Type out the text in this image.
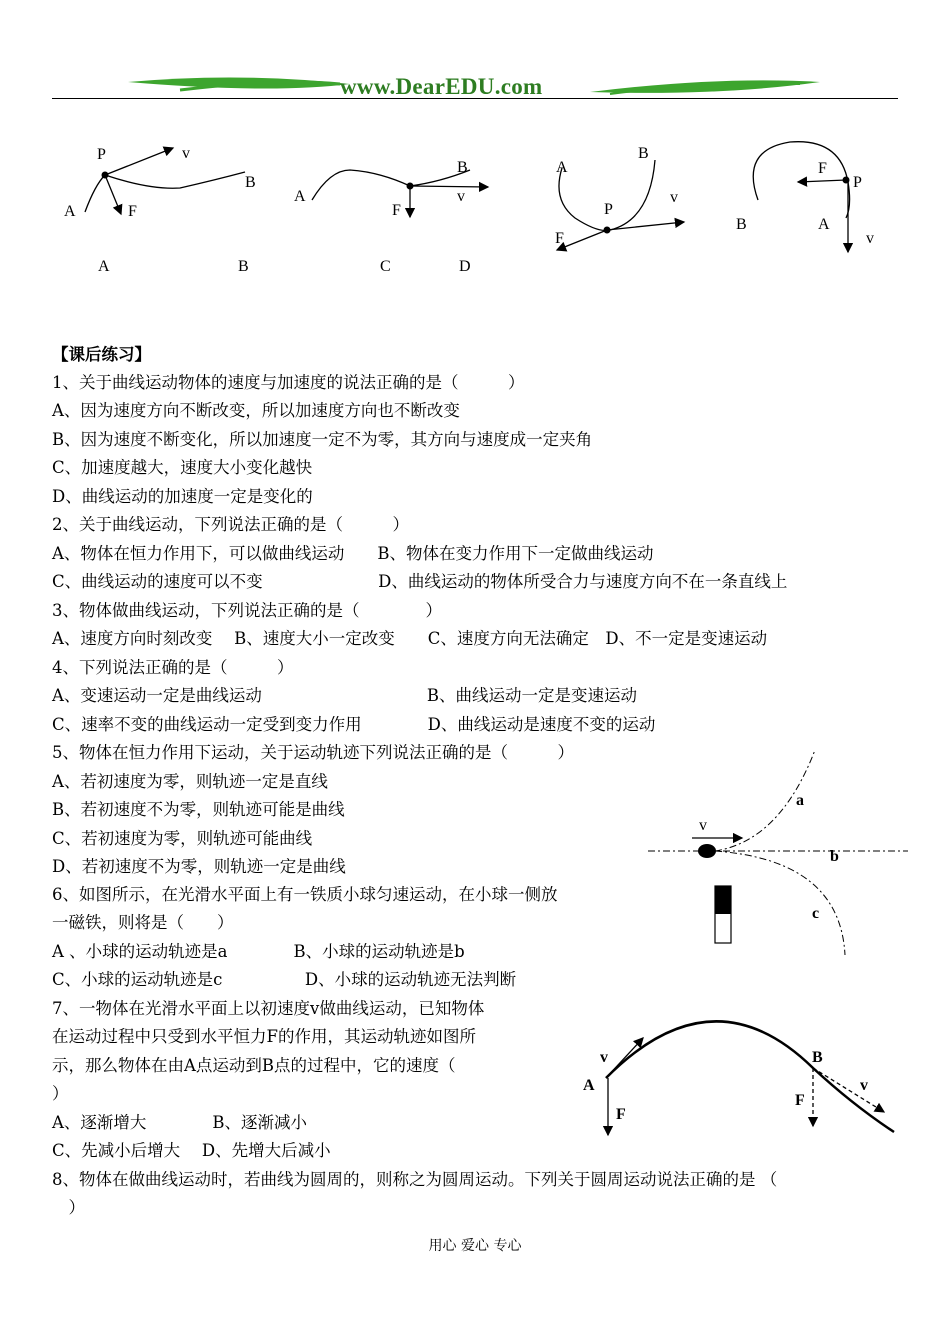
www.DearEDU.com
P	v
A
B
F
A
B
F
v
A
B
P
v
F
F
P
B	A
v
A	B	C	D
【课后练习】
1、关于曲线运动物体的速度与加速度的说法正确的是（　　　）
A、因为速度方向不断改变，所以加速度方向也不断改变
B、因为速度不断变化，所以加速度一定不为零，其方向与速度成一定夹角
C、加速度越大，速度大小变化越快
D、曲线运动的加速度一定是变化的
2、关于曲线运动，下列说法正确的是（　　　）
A、物体在恒力作用下，可以做曲线运动　　B、物体在变力作用下一定做曲线运动
C、曲线运动的速度可以不变　　　　　　　D、曲线运动的物体所受合力与速度方向不在一条直线上
3、物体做曲线运动，下列说法正确的是（　　　　）
A、速度方向时刻改变　 B、速度大小一定改变　　C、速度方向无法确定　D、不一定是变速运动
4、下列说法正确的是（　　　）
A、变速运动一定是曲线运动　　　　　　　　　　B、曲线运动一定是变速运动
C、速率不变的曲线运动一定受到变力作用　　　　D、曲线运动是速度不变的运动
5、物体在恒力作用下运动，关于运动轨迹下列说法正确的是（　　　）
A、若初速度为零，则轨迹一定是直线
B、若初速度不为零，则轨迹可能是曲线
C、若初速度为零，则轨迹可能曲线
D、若初速度不为零，则轨迹一定是曲线
6、如图所示，在光滑水平面上有一铁质小球匀速运动，在小球一侧放
一磁铁，则将是（　　）
A 、小球的运动轨迹是a　　　　B、小球的运动轨迹是b
C、小球的运动轨迹是c　　　　　D、小球的运动轨迹无法判断
7、一物体在光滑水平面上以初速度v做曲线运动，已知物体
在运动过程中只受到水平恒力F的作用，其运动轨迹如图所
示，那么物体在由A点运动到B点的过程中，它的速度（
）
A、逐渐增大　　　　B、逐渐减小
C、先减小后增大　 D、先增大后减小
8、物体在做曲线运动时，若曲线为圆周的，则称之为圆周运动。下列关于圆周运动说法正确的是 （
　）
v
a
b
c
v
A
B
F
F
v
用心 爱心 专心
